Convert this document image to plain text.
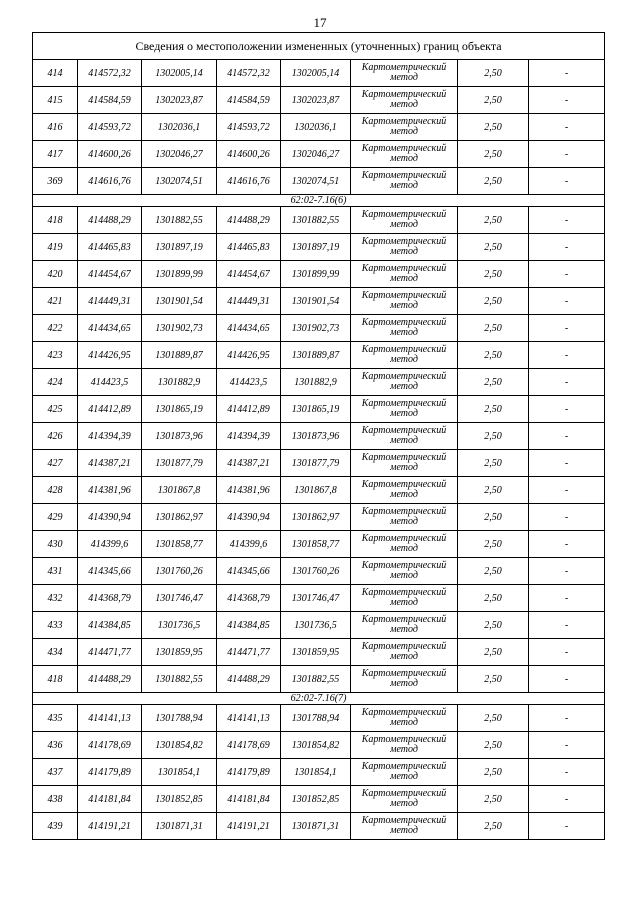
17
Сведения о местоположении измененных (уточненных) границ объекта							
414	414572,32	1302005,14	414572,32	1302005,14	Картометрический метод	2,50	-
415	414584,59	1302023,87	414584,59	1302023,87	Картометрический метод	2,50	-
416	414593,72	1302036,1	414593,72	1302036,1	Картометрический метод	2,50	-
417	414600,26	1302046,27	414600,26	1302046,27	Картометрический метод	2,50	-
369	414616,76	1302074,51	414616,76	1302074,51	Картометрический метод	2,50	-
62:02-7.16(6)							
418	414488,29	1301882,55	414488,29	1301882,55	Картометрический метод	2,50	-
419	414465,83	1301897,19	414465,83	1301897,19	Картометрический метод	2,50	-
420	414454,67	1301899,99	414454,67	1301899,99	Картометрический метод	2,50	-
421	414449,31	1301901,54	414449,31	1301901,54	Картометрический метод	2,50	-
422	414434,65	1301902,73	414434,65	1301902,73	Картометрический метод	2,50	-
423	414426,95	1301889,87	414426,95	1301889,87	Картометрический метод	2,50	-
424	414423,5	1301882,9	414423,5	1301882,9	Картометрический метод	2,50	-
425	414412,89	1301865,19	414412,89	1301865,19	Картометрический метод	2,50	-
426	414394,39	1301873,96	414394,39	1301873,96	Картометрический метод	2,50	-
427	414387,21	1301877,79	414387,21	1301877,79	Картометрический метод	2,50	-
428	414381,96	1301867,8	414381,96	1301867,8	Картометрический метод	2,50	-
429	414390,94	1301862,97	414390,94	1301862,97	Картометрический метод	2,50	-
430	414399,6	1301858,77	414399,6	1301858,77	Картометрический метод	2,50	-
431	414345,66	1301760,26	414345,66	1301760,26	Картометрический метод	2,50	-
432	414368,79	1301746,47	414368,79	1301746,47	Картометрический метод	2,50	-
433	414384,85	1301736,5	414384,85	1301736,5	Картометрический метод	2,50	-
434	414471,77	1301859,95	414471,77	1301859,95	Картометрический метод	2,50	-
418	414488,29	1301882,55	414488,29	1301882,55	Картометрический метод	2,50	-
62:02-7.16(7)							
435	414141,13	1301788,94	414141,13	1301788,94	Картометрический метод	2,50	-
436	414178,69	1301854,82	414178,69	1301854,82	Картометрический метод	2,50	-
437	414179,89	1301854,1	414179,89	1301854,1	Картометрический метод	2,50	-
438	414181,84	1301852,85	414181,84	1301852,85	Картометрический метод	2,50	-
439	414191,21	1301871,31	414191,21	1301871,31	Картометрический метод	2,50	-
